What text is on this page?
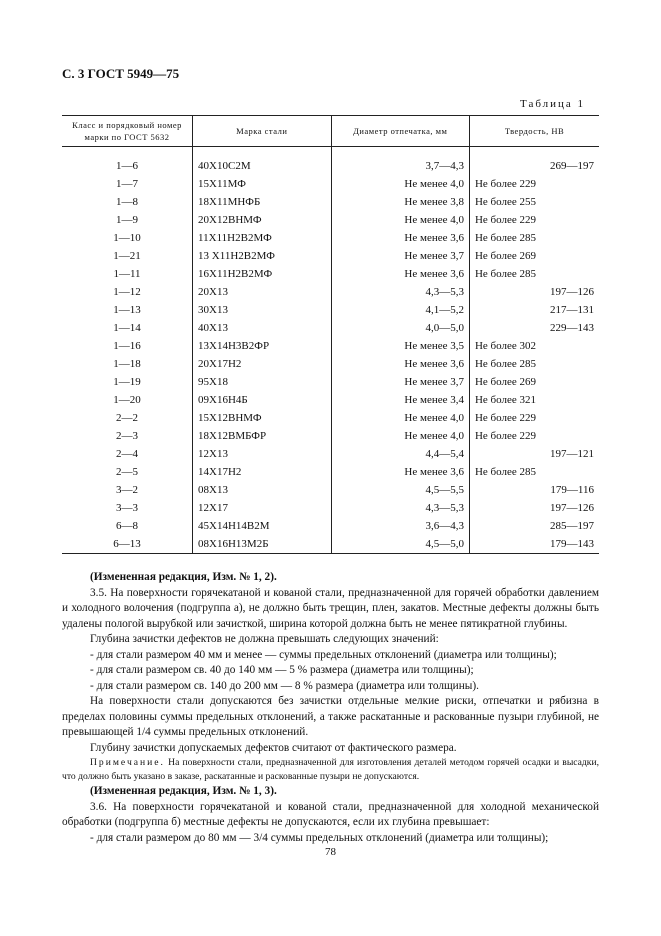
С. 3 ГОСТ 5949—75
Таблица 1
Класс и порядковый номер марки по ГОСТ 5632	Марка стали	Диаметр отпечатка, мм	Твердость, НВ
1—6	40Х10С2М	3,7—4,3	269—197
1—7	15Х11МФ	Не менее 4,0	Не более 229
1—8	18Х11МНФБ	Не менее 3,8	Не более 255
1—9	20Х12ВНМФ	Не менее 4,0	Не более 229
1—10	11Х11Н2В2МФ	Не менее 3,6	Не более 285
1—21	13 Х11Н2В2МФ	Не менее 3,7	Не более 269
1—11	16Х11Н2В2МФ	Не менее 3,6	Не более 285
1—12	20Х13	4,3—5,3	197—126
1—13	30Х13	4,1—5,2	217—131
1—14	40Х13	4,0—5,0	229—143
1—16	13Х14Н3В2ФР	Не менее 3,5	Не более 302
1—18	20Х17Н2	Не менее 3,6	Не более 285
1—19	95Х18	Не менее 3,7	Не более 269
1—20	09Х16Н4Б	Не менее 3,4	Не более 321
2—2	15Х12ВНМФ	Не менее 4,0	Не более 229
2—3	18Х12ВМБФР	Не менее 4,0	Не более 229
2—4	12Х13	4,4—5,4	197—121
2—5	14Х17Н2	Не менее 3,6	Не более 285
3—2	08Х13	4,5—5,5	179—116
3—3	12Х17	4,3—5,3	197—126
6—8	45Х14Н14В2М	3,6—4,3	285—197
6—13	08Х16Н13М2Б	4,5—5,0	179—143

(Измененная редакция, Изм. № 1, 2).

3.5. На поверхности горячекатаной и кованой стали, предназначенной для горячей обработки давлением и холодного волочения (подгруппа а), не должно быть трещин, плен, закатов. Местные дефекты должны быть удалены пологой вырубкой или зачисткой, ширина которой должна быть не менее пятикратной глубины.

Глубина зачистки дефектов не должна превышать следующих значений:

- для стали размером 40 мм и менее — суммы предельных отклонений (диаметра или толщины);

- для стали размером св. 40 до 140 мм — 5 % размера (диаметра или толщины);

- для стали размером св. 140 до 200 мм — 8 % размера (диаметра или толщины).

На поверхности стали допускаются без зачистки отдельные мелкие риски, отпечатки и рябизна в пределах половины суммы предельных отклонений, а также раскатанные и раскованные пузыри глубиной, не превышающей 1/4 суммы предельных отклонений.

Глубину зачистки допускаемых дефектов считают от фактического размера.

Примечание. На поверхности стали, предназначенной для изготовления деталей методом горячей осадки и высадки, что должно быть указано в заказе, раскатанные и раскованные пузыри не допускаются.

(Измененная редакция, Изм. № 1, 3).

3.6. На поверхности горячекатаной и кованой стали, предназначенной для холодной механической обработки (подгруппа б) местные дефекты не допускаются, если их глубина превышает:

- для стали размером до 80 мм — 3/4 суммы предельных отклонений (диаметра или толщины);

78
